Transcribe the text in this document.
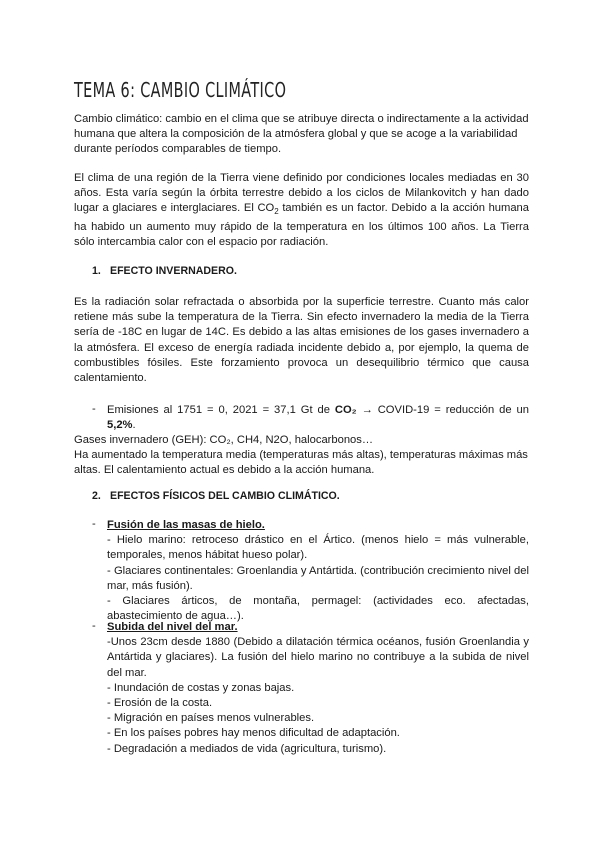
TEMA 6: CAMBIO CLIMÁTICO

Cambio climático: cambio en el clima que se atribuye directa o indirectamente a la actividad humana que altera la composición de la atmósfera global y que se acoge a la variabilidad durante períodos comparables de tiempo.

El clima de una región de la Tierra viene definido por condiciones locales mediadas en 30 años. Esta varía según la órbita terrestre debido a los ciclos de Milankovitch y han dado lugar a glaciares e interglaciares. El $CO_2$ también es un factor. Debido a la acción humana ha habido un aumento muy rápido de la temperatura en los últimos 100 años. La Tierra sólo intercambia calor con el espacio por radiación.

1. EFECTO INVERNADERO.

Es la radiación solar refractada o absorbida por la superficie terrestre. Cuanto más calor retiene más sube la temperatura de la Tierra. Sin efecto invernadero la media de la Tierra sería de -18C en lugar de 14C. Es debido a las altas emisiones de los gases invernadero a la atmósfera. El exceso de energía radiada incidente debido a, por ejemplo, la quema de combustibles fósiles. Este forzamiento provoca un desequilibrio térmico que causa calentamiento.

- Emisiones al 1751 = 0, 2021 = 37,1 Gt de CO₂ → COVID-19 = reducción de un 5,2%.

Gases invernadero (GEH): CO₂, CH4, N2O, halocarbonos…

Ha aumentado la temperatura media (temperaturas más altas), temperaturas máximas más altas. El calentamiento actual es debido a la acción humana.

2. EFECTOS FÍSICOS DEL CAMBIO CLIMÁTICO.
- Fusión de las masas de hielo.

- Hielo marino: retroceso drástico en el Ártico. (menos hielo = más vulnerable, temporales, menos hábitat hueso polar).

- Glaciares continentales: Groenlandia y Antártida. (contribución crecimiento nivel del mar, más fusión).

- Glaciares árticos, de montaña, permagel: (actividades eco. afectadas, abastecimiento de agua…).

- Subida del nivel del mar.

-Unos 23cm desde 1880 (Debido a dilatación térmica océanos, fusión Groenlandia y Antártida y glaciares). La fusión del hielo marino no contribuye a la subida de nivel del mar.

- Inundación de costas y zonas bajas.

- Erosión de la costa.

- Migración en países menos vulnerables.

- En los países pobres hay menos dificultad de adaptación.

- Degradación a mediados de vida (agricultura, turismo).
